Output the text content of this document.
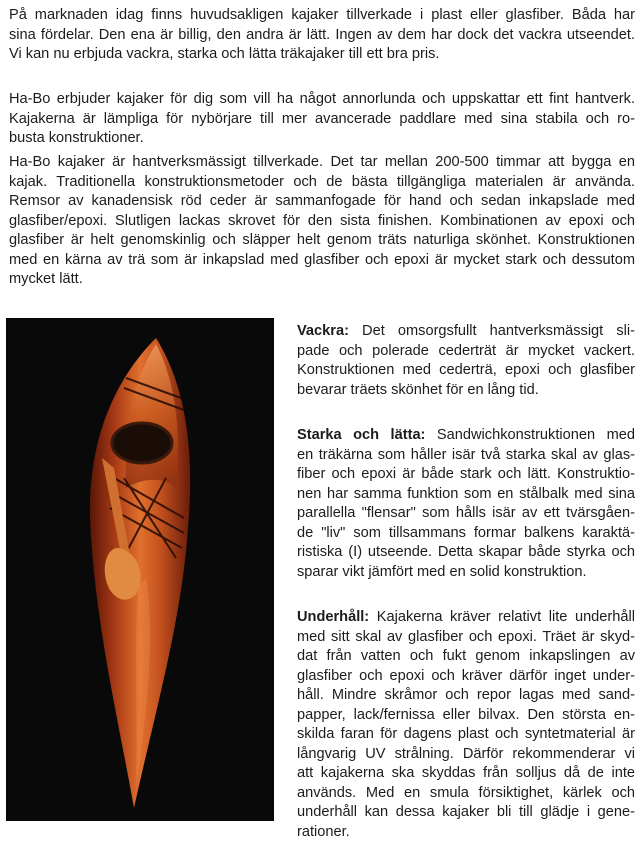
På marknaden idag finns huvudsakligen kajaker tillverkade i plast eller glasfiber. Båda har
sina fördelar. Den ena är billig, den andra är lätt. Ingen av dem har dock det vackra utseendet.
Vi kan nu erbjuda vackra, starka och lätta träkajaker till ett bra pris.
Ha-Bo erbjuder kajaker för dig som vill ha något annorlunda och uppskattar ett fint hantverk.
Kajakerna är lämpliga för nybörjare till mer avancerade paddlare med sina stabila och ro-
busta konstruktioner.
Ha-Bo kajaker är hantverksmässigt tillverkade. Det tar mellan 200-500 timmar att bygga en
kajak. Traditionella konstruktionsmetoder och de bästa tillgängliga materialen är använda.
Remsor av kanadensisk röd ceder är sammanfogade för hand och sedan inkapslade med
glasfiber/epoxi. Slutligen lackas skrovet för den sista finishen. Kombinationen av epoxi och
glasfiber är helt genomskinlig och släpper helt genom träts naturliga skönhet. Konstruktionen
med en kärna av trä som är inkapslad med glasfiber och epoxi är mycket stark och dessutom
mycket lätt.
Vackra: Det omsorgsfullt hantverksmässigt sli-
pade och polerade cederträt är mycket vackert.
Konstruktionen med cederträ, epoxi och glasfiber
bevarar träets skönhet för en lång tid.
Starka och lätta: Sandwichkonstruktionen med
en träkärna som håller isär två starka skal av glas-
fiber och epoxi är både stark och lätt. Konstruktio-
nen har samma funktion som en stålbalk med sina
parallella "flensar" som hålls isär av ett tvärsgåen-
de "liv" som tillsammans formar balkens karaktä-
ristiska (I) utseende. Detta skapar både styrka och
sparar vikt jämfört med en solid konstruktion.
Underhåll: Kajakerna kräver relativt lite underhåll
med sitt skal av glasfiber och epoxi. Träet är skyd-
dat från vatten och fukt genom inkapslingen av
glasfiber och epoxi och kräver därför inget under-
håll. Mindre skråmor och repor lagas med sand-
papper, lack/fernissa eller bilvax. Den största en-
skilda faran för dagens plast och syntetmaterial är
långvarig UV strålning. Därför rekommenderar vi
att kajakerna ska skyddas från solljus då de inte
används. Med en smula försiktighet, kärlek och
underhåll kan dessa kajaker bli till glädje i gene-
rationer.
